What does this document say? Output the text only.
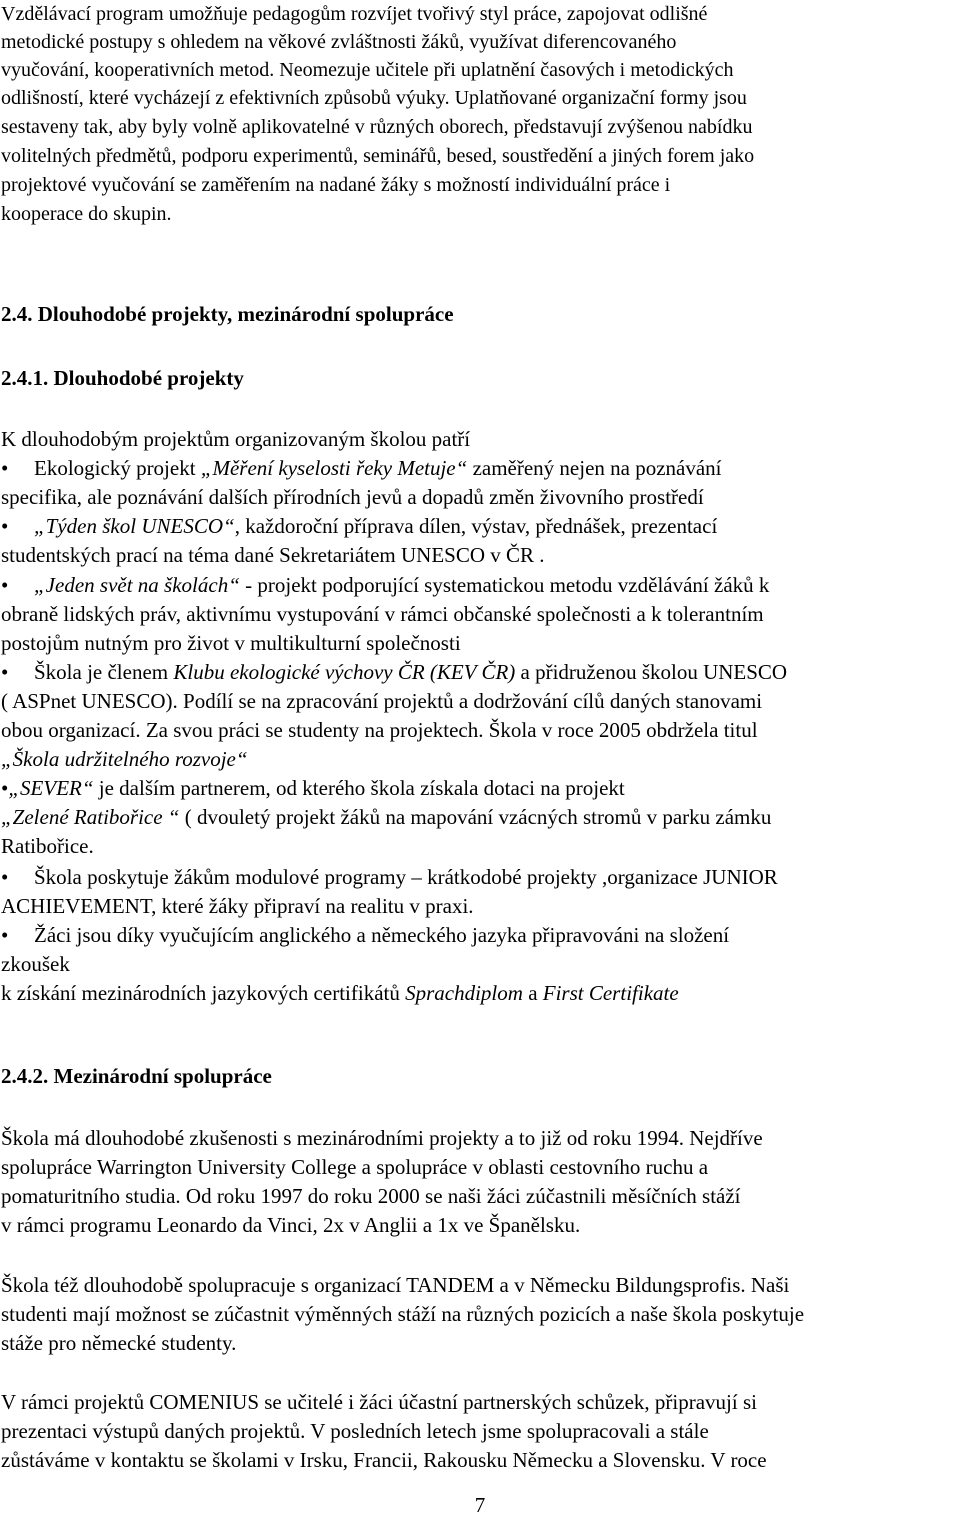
Vzdělávací program umožňuje pedagogům rozvíjet tvořivý styl práce, zapojovat odlišné
metodické postupy s ohledem na věkové zvláštnosti žáků, využívat diferencovaného
vyučování, kooperativních metod. Neomezuje učitele při uplatnění časových i metodických
odlišností, které vycházejí z efektivních způsobů výuky. Uplatňované organizační formy jsou
sestaveny tak, aby byly volně aplikovatelné v různých oborech, představují zvýšenou nabídku
volitelných předmětů, podporu experimentů, seminářů, besed, soustředění a jiných forem jako
projektové vyučování se zaměřením na nadané žáky s možností individuální práce i
kooperace do skupin.
2.4. Dlouhodobé projekty, mezinárodní spolupráce
2.4.1. Dlouhodobé projekty
K dlouhodobým projektům organizovaným školou patří
• Ekologický projekt „Měření kyselosti řeky Metuje“ zaměřený nejen na poznávání
specifika, ale poznávání dalších přírodních jevů a dopadů změn živovního prostředí
• „Týden škol UNESCO“, každoroční příprava dílen, výstav, přednášek, prezentací
studentských prací na téma dané Sekretariátem UNESCO v ČR .
• „Jeden svět na školách“ - projekt podporující systematickou metodu vzdělávání žáků k
obraně lidských práv, aktivnímu vystupování v rámci občanské společnosti a k tolerantním
postojům nutným pro život v multikulturní společnosti
• Škola je členem Klubu ekologické výchovy ČR (KEV ČR) a přidruženou školou UNESCO
( ASPnet UNESCO). Podílí se na zpracování projektů a dodržování cílů daných stanovami
obou organizací. Za svou práci se studenty na projektech. Škola v roce 2005 obdržela titul
„Škola udržitelného rozvoje“
•„SEVER“ je dalším partnerem, od kterého škola získala dotaci na projekt
„Zelené Ratibořice “ ( dvouletý projekt žáků na mapování vzácných stromů v parku zámku
Ratibořice.
• Škola poskytuje žákům modulové programy – krátkodobé projekty ,organizace JUNIOR
ACHIEVEMENT, které žáky připraví na realitu v praxi.
• Žáci jsou díky vyučujícím anglického a německého jazyka připravováni na složení
zkoušek
k získání mezinárodních jazykových certifikátů Sprachdiplom a First Certifikate
2.4.2. Mezinárodní spolupráce
Škola má dlouhodobé zkušenosti s mezinárodními projekty a to již od roku 1994. Nejdříve
spolupráce Warrington University College a spolupráce v oblasti cestovního ruchu a
pomaturitního studia. Od roku 1997 do roku 2000 se naši žáci zúčastnili měsíčních stáží
v rámci programu Leonardo da Vinci, 2x v Anglii a 1x ve Španělsku.
Škola též dlouhodobě spolupracuje s organizací TANDEM a v Německu Bildungsprofis. Naši
studenti mají možnost se zúčastnit výměnných stáží na různých pozicích a naše škola poskytuje
stáže pro německé studenty.
V rámci projektů COMENIUS se učitelé i žáci účastní partnerských schůzek, připravují si
prezentaci výstupů daných projektů. V posledních letech jsme spolupracovali a stále
zůstáváme v kontaktu se školami v Irsku, Francii, Rakousku Německu a Slovensku. V roce
7
